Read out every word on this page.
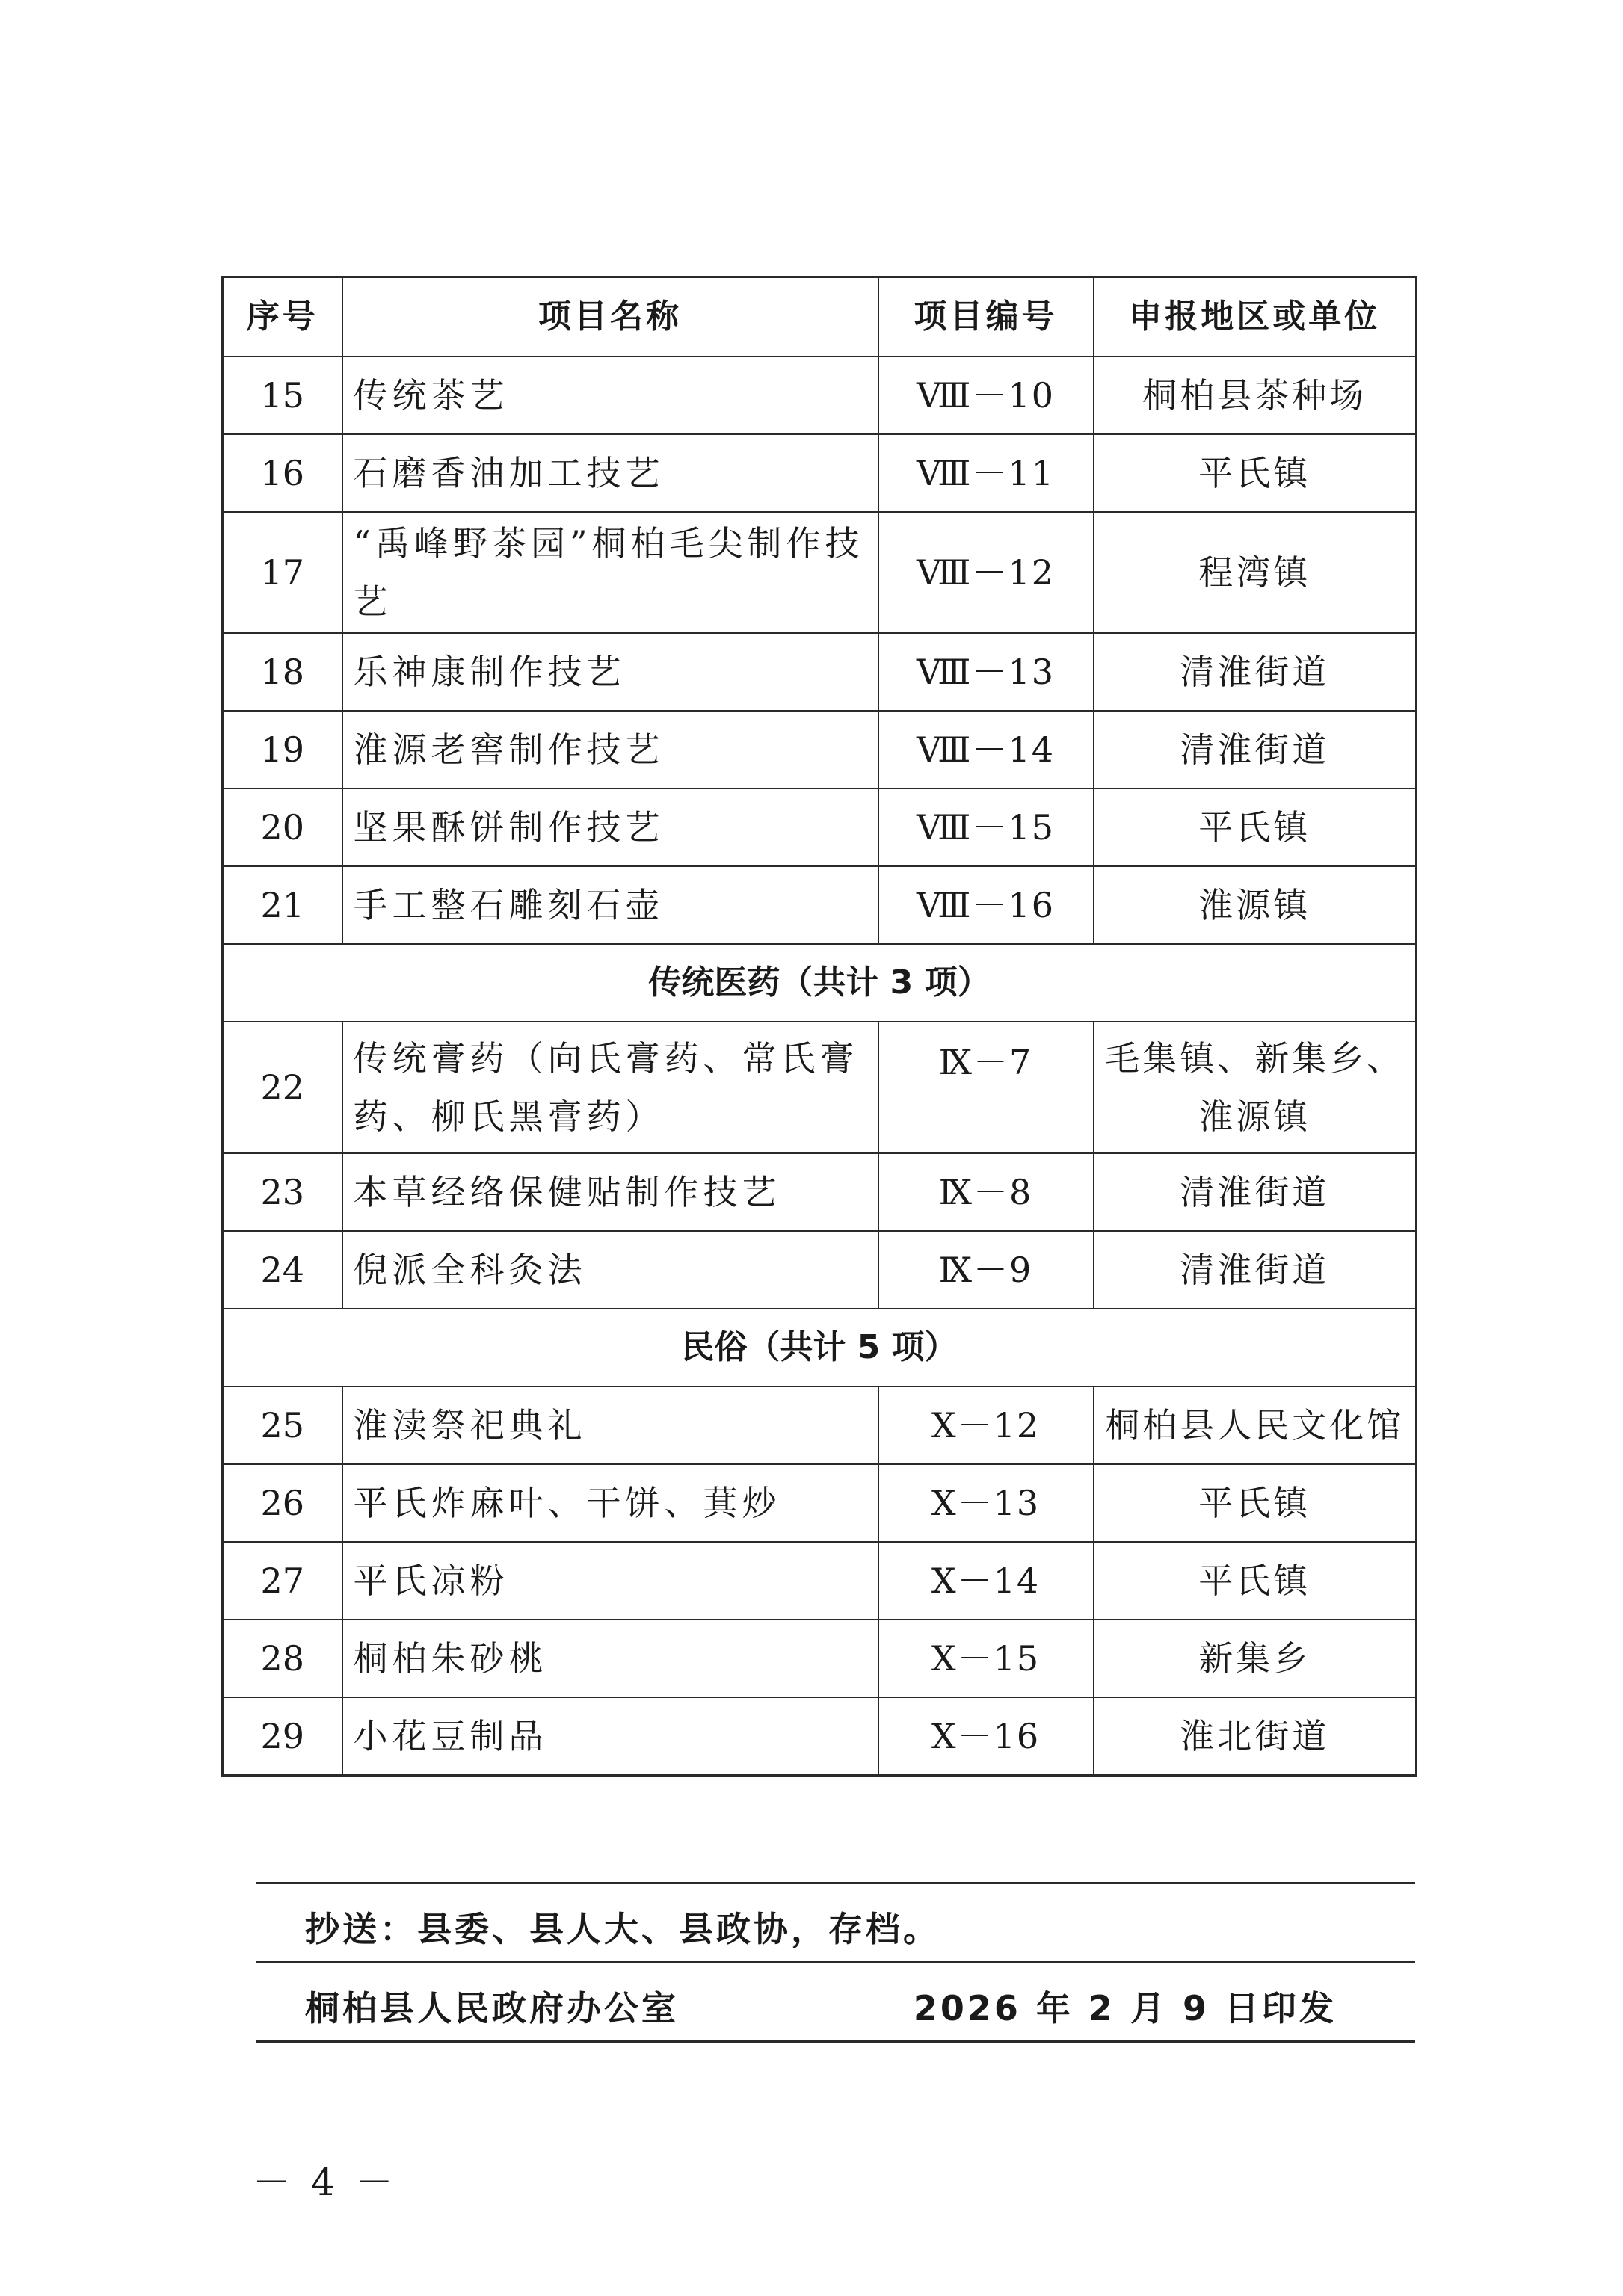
序号	项目名称	项目编号	申报地区或单位
15	传统茶艺	Ⅷ－10	桐柏县茶种场
16	石磨香油加工技艺	Ⅷ－11	平氏镇
17	“禹峰野茶园”桐柏毛尖制作技艺	Ⅷ－12	程湾镇
18	乐神康制作技艺	Ⅷ－13	清淮街道
19	淮源老窖制作技艺	Ⅷ－14	清淮街道
20	坚果酥饼制作技艺	Ⅷ－15	平氏镇
21	手工整石雕刻石壶	Ⅷ－16	淮源镇
传统医药（共计 3 项）			
22	传统膏药（向氏膏药、常氏膏药、柳氏黑膏药）	Ⅸ－7	毛集镇、新集乡、淮源镇
23	本草经络保健贴制作技艺	Ⅸ－8	清淮街道
24	倪派全科灸法	Ⅸ－9	清淮街道
民俗（共计 5 项）			
25	淮渎祭祀典礼	Ⅹ－12	桐柏县人民文化馆
26	平氏炸麻叶、干饼、萁炒	Ⅹ－13	平氏镇
27	平氏凉粉	Ⅹ－14	平氏镇
28	桐柏朱砂桃	Ⅹ－15	新集乡
29	小花豆制品	Ⅹ－16	淮北街道
抄送：县委、县人大、县政协，存档。
桐柏县人民政府办公室	2026 年 2 月 9 日印发
－ 4 －
